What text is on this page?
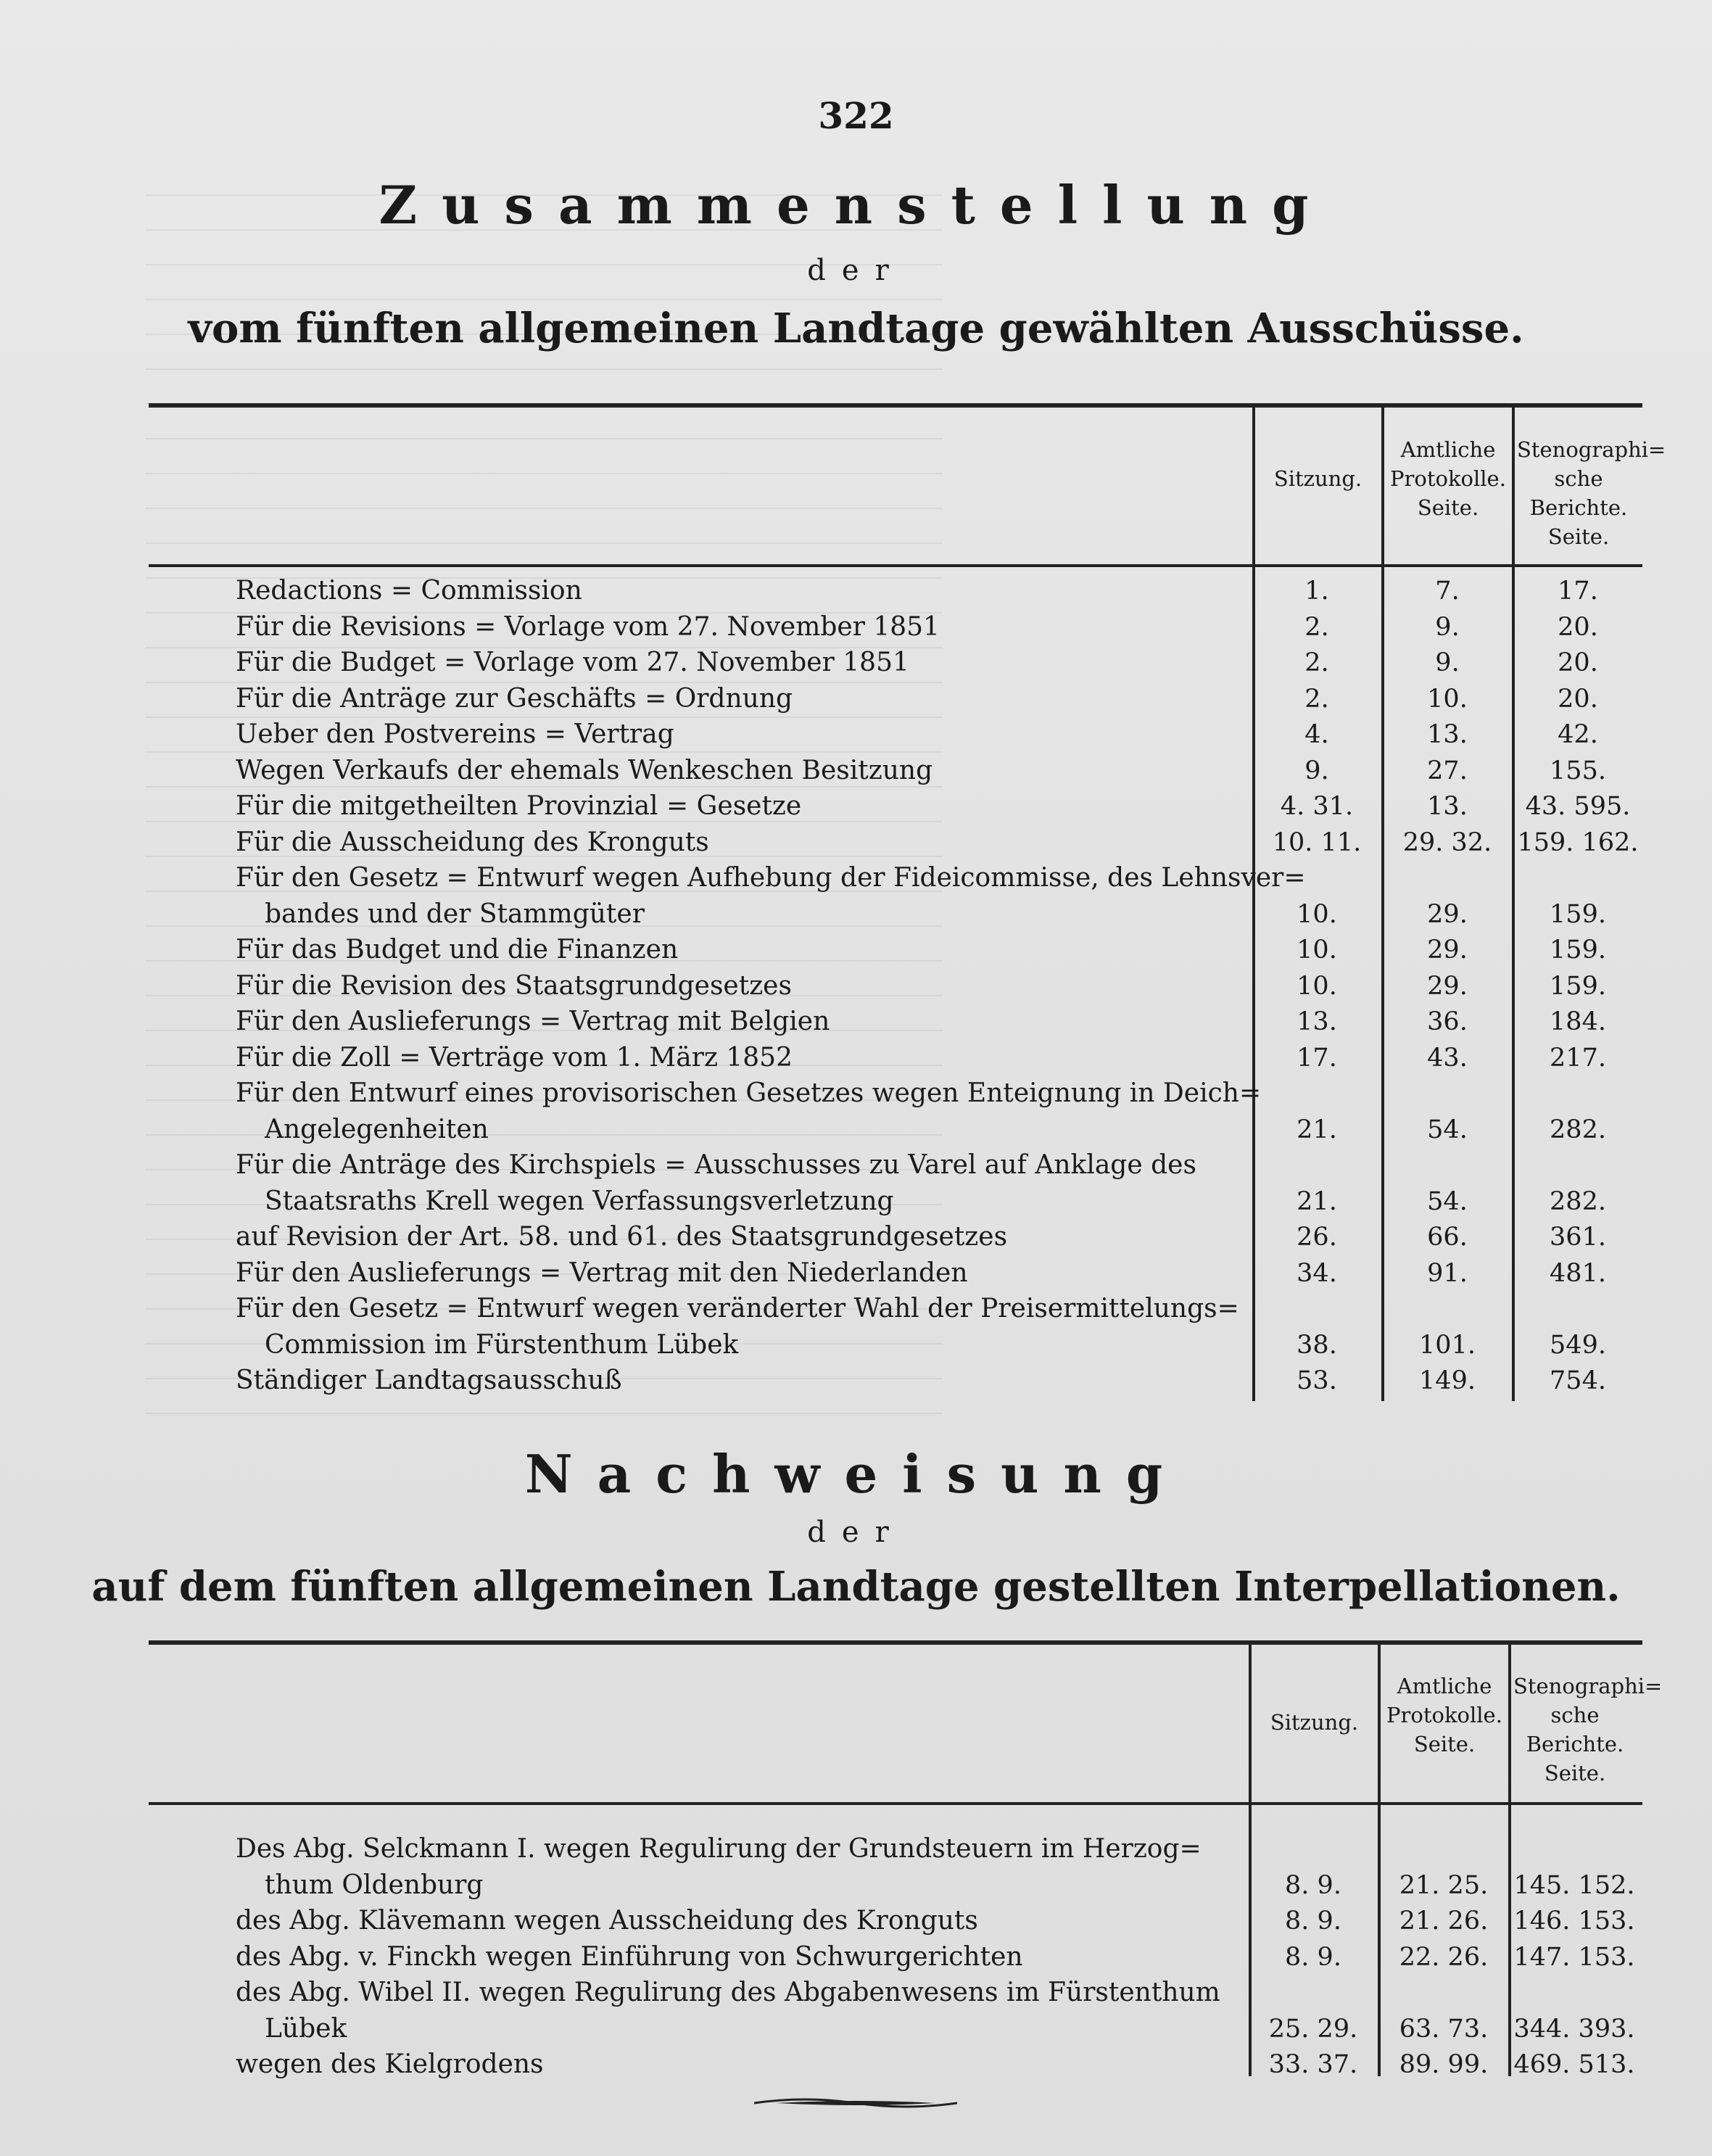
322
Zusammenstellung
der
vom fünften allgemeinen Landtage gewählten Ausschüsse.
Sitzung.
Amtliche
Protokolle.
Seite.
Stenographi=
sche Berichte.
Seite.
Redactions = Commission	1.	7.	17.
Für die Revisions = Vorlage vom 27. November 1851	2.	9.	20.
Für die Budget = Vorlage vom 27. November 1851	2.	9.	20.
Für die Anträge zur Geschäfts = Ordnung	2.	10.	20.
Ueber den Postvereins = Vertrag	4.	13.	42.
Wegen Verkaufs der ehemals Wenkeschen Besitzung	9.	27.	155.
Für die mitgetheilten Provinzial = Gesetze	4. 31.	13.	43. 595.
Für die Ausscheidung des Kronguts	10. 11.	29. 32.	159. 162.
Für den Gesetz = Entwurf wegen Aufhebung der Fideicommisse, des Lehnsver=
bandes und der Stammgüter	10.	29.	159.
Für das Budget und die Finanzen	10.	29.	159.
Für die Revision des Staatsgrundgesetzes	10.	29.	159.
Für den Auslieferungs = Vertrag mit Belgien	13.	36.	184.
Für die Zoll = Verträge vom 1. März 1852	17.	43.	217.
Für den Entwurf eines provisorischen Gesetzes wegen Enteignung in Deich=
Angelegenheiten	21.	54.	282.
Für die Anträge des Kirchspiels = Ausschusses zu Varel auf Anklage des
Staatsraths Krell wegen Verfassungsverletzung	21.	54.	282.
auf Revision der Art. 58. und 61. des Staatsgrundgesetzes	26.	66.	361.
Für den Auslieferungs = Vertrag mit den Niederlanden	34.	91.	481.
Für den Gesetz = Entwurf wegen veränderter Wahl der Preisermittelungs=
Commission im Fürstenthum Lübek	38.	101.	549.
Ständiger Landtagsausschuß	53.	149.	754.
Nachweisung
der
auf dem fünften allgemeinen Landtage gestellten Interpellationen.
Sitzung.
Amtliche
Protokolle.
Seite.
Stenographi=
sche Berichte.
Seite.
Des Abg. Selckmann I. wegen Regulirung der Grundsteuern im Herzog=
thum Oldenburg	8. 9.	21. 25.	145. 152.
des Abg. Klävemann wegen Ausscheidung des Kronguts	8. 9.	21. 26.	146. 153.
des Abg. v. Finckh wegen Einführung von Schwurgerichten	8. 9.	22. 26.	147. 153.
des Abg. Wibel II. wegen Regulirung des Abgabenwesens im Fürstenthum
Lübek	25. 29.	63. 73.	344. 393.
wegen des Kielgrodens	33. 37.	89. 99.	469. 513.
